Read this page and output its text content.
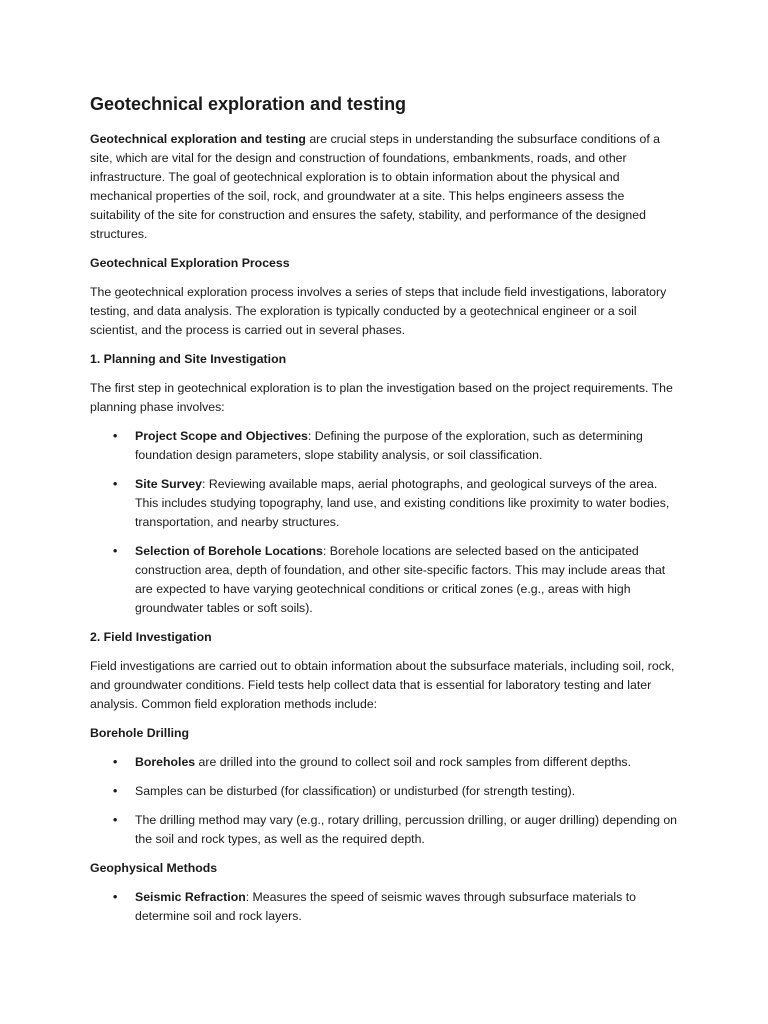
Geotechnical exploration and testing

Geotechnical exploration and testing are crucial steps in understanding the subsurface conditions of a site, which are vital for the design and construction of foundations, embankments, roads, and other infrastructure. The goal of geotechnical exploration is to obtain information about the physical and mechanical properties of the soil, rock, and groundwater at a site. This helps engineers assess the suitability of the site for construction and ensures the safety, stability, and performance of the designed structures.

Geotechnical Exploration Process

The geotechnical exploration process involves a series of steps that include field investigations, laboratory testing, and data analysis. The exploration is typically conducted by a geotechnical engineer or a soil scientist, and the process is carried out in several phases.

1. Planning and Site Investigation

The first step in geotechnical exploration is to plan the investigation based on the project requirements. The planning phase involves:

• Project Scope and Objectives: Defining the purpose of the exploration, such as determining foundation design parameters, slope stability analysis, or soil classification.
• Site Survey: Reviewing available maps, aerial photographs, and geological surveys of the area. This includes studying topography, land use, and existing conditions like proximity to water bodies, transportation, and nearby structures.
• Selection of Borehole Locations: Borehole locations are selected based on the anticipated construction area, depth of foundation, and other site-specific factors. This may include areas that are expected to have varying geotechnical conditions or critical zones (e.g., areas with high groundwater tables or soft soils).

2. Field Investigation

Field investigations are carried out to obtain information about the subsurface materials, including soil, rock, and groundwater conditions. Field tests help collect data that is essential for laboratory testing and later analysis. Common field exploration methods include:

Borehole Drilling

• Boreholes are drilled into the ground to collect soil and rock samples from different depths.
• Samples can be disturbed (for classification) or undisturbed (for strength testing).
• The drilling method may vary (e.g., rotary drilling, percussion drilling, or auger drilling) depending on the soil and rock types, as well as the required depth.

Geophysical Methods

• Seismic Refraction: Measures the speed of seismic waves through subsurface materials to determine soil and rock layers.
